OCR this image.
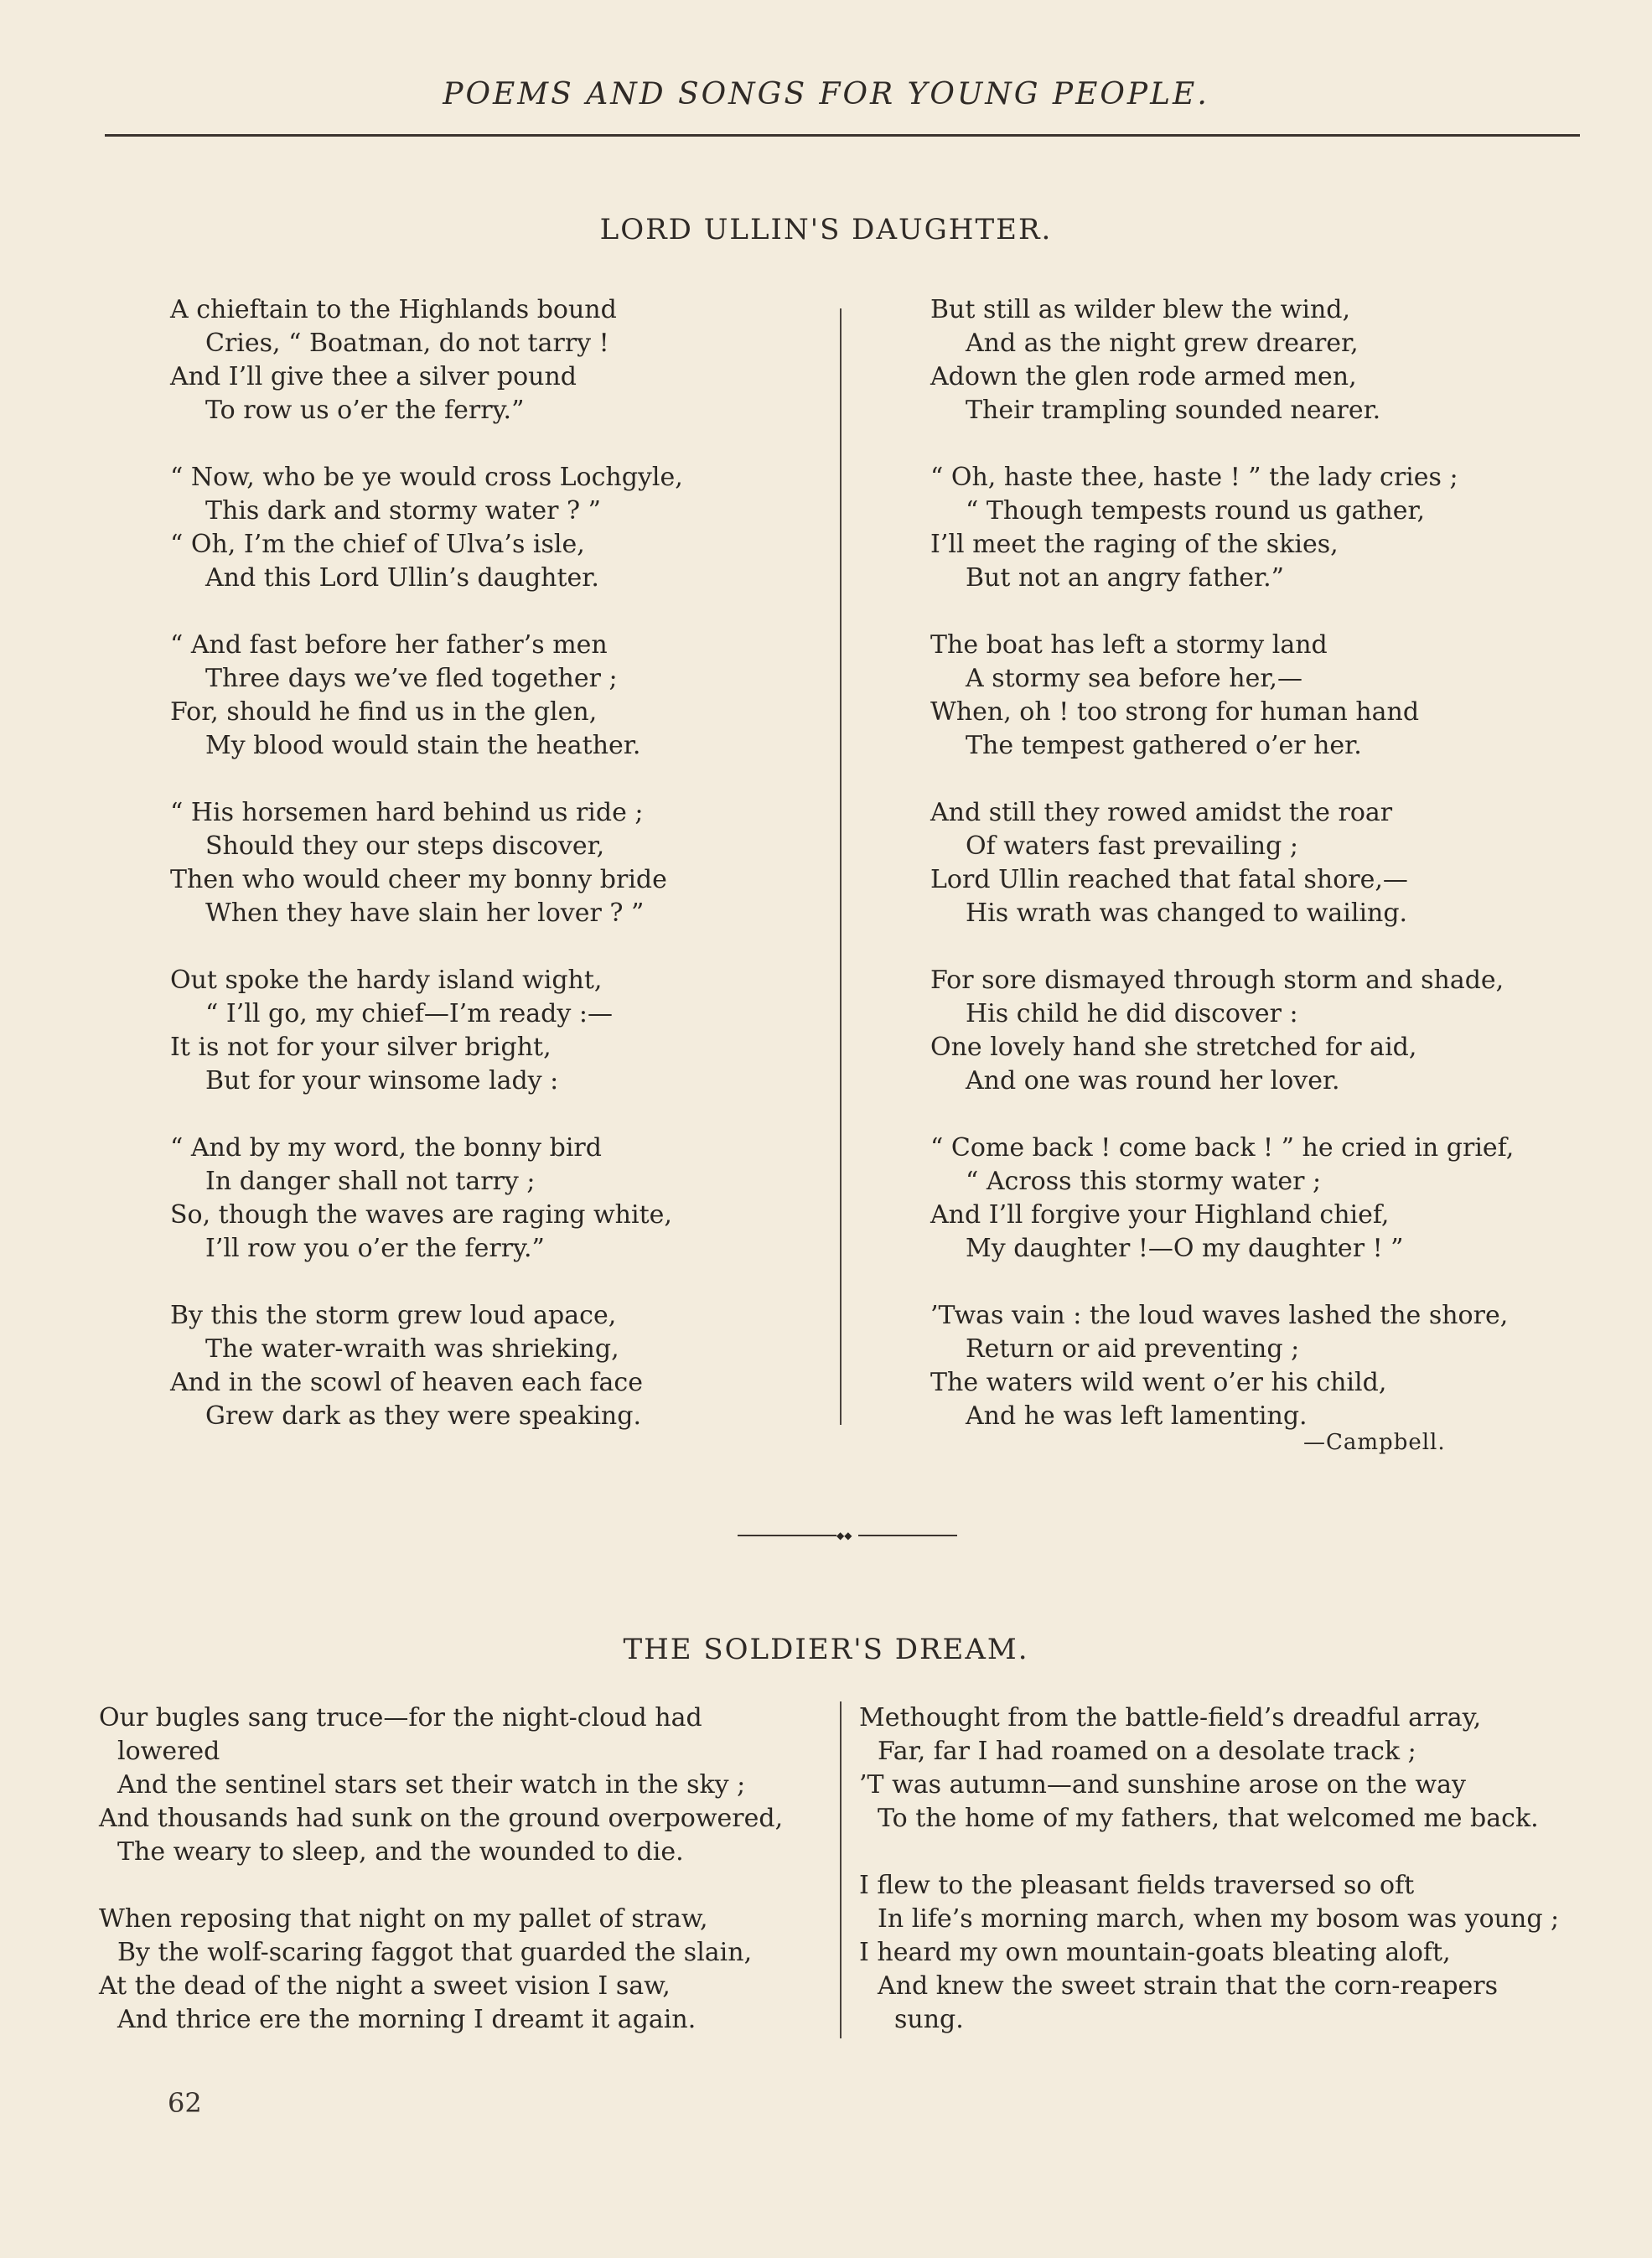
POEMS AND SONGS FOR YOUNG PEOPLE.
LORD ULLIN'S DAUGHTER.
A chieftain to the Highlands bound
Cries, “ Boatman, do not tarry !
And I’ll give thee a silver pound
To row us o’er the ferry.”
“ Now, who be ye would cross Lochgyle,
This dark and stormy water ? ”
“ Oh, I’m the chief of Ulva’s isle,
And this Lord Ullin’s daughter.
“ And fast before her father’s men
Three days we’ve fled together ;
For, should he find us in the glen,
My blood would stain the heather.
“ His horsemen hard behind us ride ;
Should they our steps discover,
Then who would cheer my bonny bride
When they have slain her lover ? ”
Out spoke the hardy island wight,
“ I’ll go, my chief—I’m ready :—
It is not for your silver bright,
But for your winsome lady :
“ And by my word, the bonny bird
In danger shall not tarry ;
So, though the waves are raging white,
I’ll row you o’er the ferry.”
By this the storm grew loud apace,
The water-wraith was shrieking,
And in the scowl of heaven each face
Grew dark as they were speaking.
But still as wilder blew the wind,
And as the night grew drearer,
Adown the glen rode armed men,
Their trampling sounded nearer.
“ Oh, haste thee, haste ! ” the lady cries ;
“ Though tempests round us gather,
I’ll meet the raging of the skies,
But not an angry father.”
The boat has left a stormy land
A stormy sea before her,—
When, oh ! too strong for human hand
The tempest gathered o’er her.
And still they rowed amidst the roar
Of waters fast prevailing ;
Lord Ullin reached that fatal shore,—
His wrath was changed to wailing.
For sore dismayed through storm and shade,
His child he did discover :
One lovely hand she stretched for aid,
And one was round her lover.
“ Come back ! come back ! ” he cried in grief,
“ Across this stormy water ;
And I’ll forgive your Highland chief,
My daughter !—O my daughter ! ”
’Twas vain : the loud waves lashed the shore,
Return or aid preventing ;
The waters wild went o’er his child,
And he was left lamenting.
—Campbell.
◆◆
THE SOLDIER'S DREAM.
Our bugles sang truce—for the night-cloud had
lowered
And the sentinel stars set their watch in the sky ;
And thousands had sunk on the ground overpowered,
The weary to sleep, and the wounded to die.
When reposing that night on my pallet of straw,
By the wolf-scaring faggot that guarded the slain,
At the dead of the night a sweet vision I saw,
And thrice ere the morning I dreamt it again.
Methought from the battle-field’s dreadful array,
Far, far I had roamed on a desolate track ;
’T was autumn—and sunshine arose on the way
To the home of my fathers, that welcomed me back.
I flew to the pleasant fields traversed so oft
In life’s morning march, when my bosom was young ;
I heard my own mountain-goats bleating aloft,
And knew the sweet strain that the corn-reapers
sung.
62
